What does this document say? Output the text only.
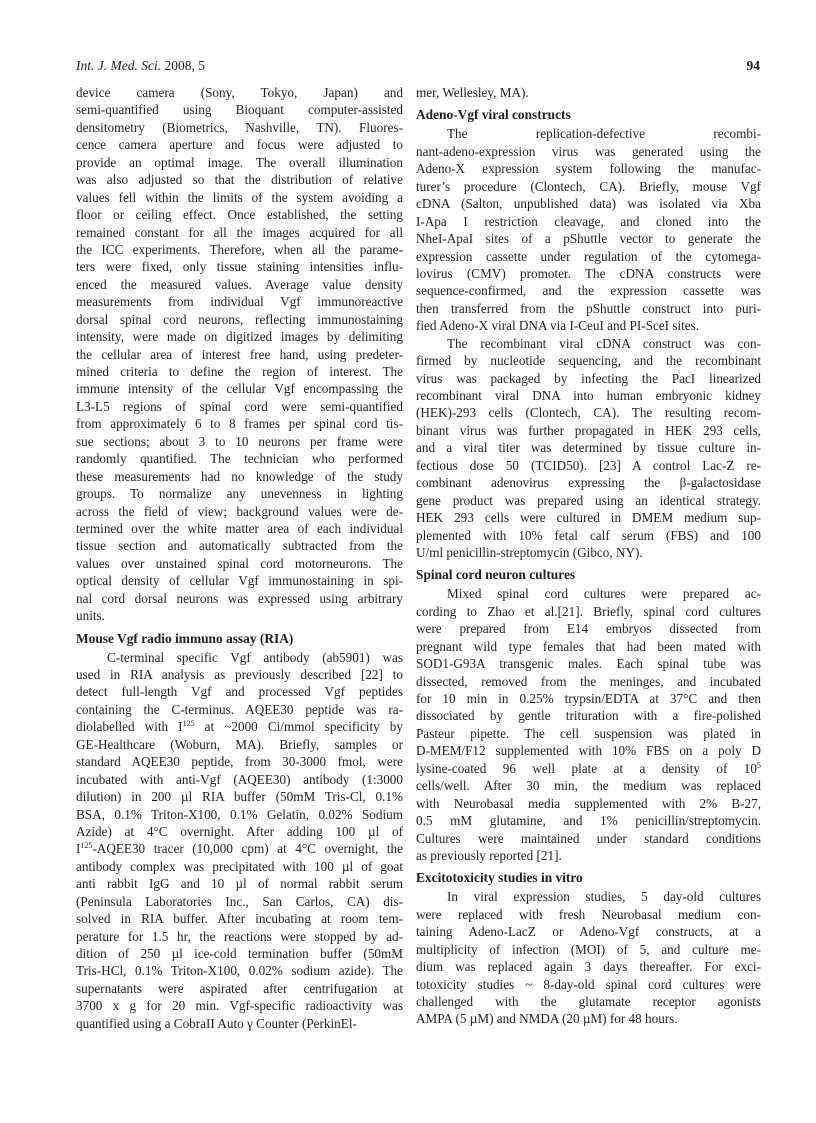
Int. J. Med. Sci. 2008, 5	94
device camera (Sony, Tokyo, Japan) and
semi-quantified using Bioquant computer-assisted
densitometry (Biometrics, Nashville, TN). Fluores-
cence camera aperture and focus were adjusted to
provide an optimal image. The overall illumination
was also adjusted so that the distribution of relative
values fell within the limits of the system avoiding a
floor or ceiling effect. Once established, the setting
remained constant for all the images acquired for all
the ICC experiments. Therefore, when all the parame-
ters were fixed, only tissue staining intensities influ-
enced the measured values. Average value density
measurements from individual Vgf immunoreactive
dorsal spinal cord neurons, reflecting immunostaining
intensity, were made on digitized images by delimiting
the cellular area of interest free hand, using predeter-
mined criteria to define the region of interest. The
immune intensity of the cellular Vgf encompassing the
L3-L5 regions of spinal cord were semi-quantified
from approximately 6 to 8 frames per spinal cord tis-
sue sections; about 3 to 10 neurons per frame were
randomly quantified. The technician who performed
these measurements had no knowledge of the study
groups. To normalize any unevenness in lighting
across the field of view; background values were de-
termined over the white matter area of each individual
tissue section and automatically subtracted from the
values over unstained spinal cord motorneurons. The
optical density of cellular Vgf immunostaining in spi-
nal cord dorsal neurons was expressed using arbitrary
units.
Mouse Vgf radio immuno assay (RIA)
C-terminal specific Vgf antibody (ab5901) was
used in RIA analysis as previously described [22] to
detect full-length Vgf and processed Vgf peptides
containing the C-terminus. AQEE30 peptide was ra-
diolabelled with $I^{125}$ at ~2000 Ci/mmol specificity by
GE-Healthcare (Woburn, MA). Briefly, samples or
standard AQEE30 peptide, from 30-3000 fmol, were
incubated with anti-Vgf (AQEE30) antibody (1:3000
dilution) in 200 µl RIA buffer (50mM Tris-Cl, 0.1%
BSA, 0.1% Triton-X100, 0.1% Gelatin, 0.02% Sodium
Azide) at 4°C overnight. After adding 100 µl of
$I^{125}-AQEE30$ tracer (10,000 cpm) at 4°C overnight, the
antibody complex was precipitated with 100 µl of goat
anti rabbit IgG and 10 µl of normal rabbit serum
(Peninsula Laboratories Inc., San Carlos, CA) dis-
solved in RIA buffer. After incubating at room tem-
perature for 1.5 hr, the reactions were stopped by ad-
dition of 250 µl ice-cold termination buffer (50mM
Tris-HCl, 0.1% Triton-X100, 0.02% sodium azide). The
supernatants were aspirated after centrifugation at
3700 x g for 20 min. Vgf-specific radioactivity was
quantified using a CobraII Auto γ Counter (PerkinEl-
mer, Wellesley, MA).
Adeno-Vgf viral constructs
The replication-defective recombi-
nant-adeno-expression virus was generated using the
Adeno-X expression system following the manufac-
turer’s procedure (Clontech, CA). Briefly, mouse Vgf
cDNA (Salton, unpublished data) was isolated via Xba
I-Apa I restriction cleavage, and cloned into the
NheI-ApaI sites of a pShuttle vector to generate the
expression cassette under regulation of the cytomega-
lovirus (CMV) promoter. The cDNA constructs were
sequence-confirmed, and the expression cassette was
then transferred from the pShuttle construct into puri-
fied Adeno-X viral DNA via I-CeuI and PI-SceI sites.
The recombinant viral cDNA construct was con-
firmed by nucleotide sequencing, and the recombinant
virus was packaged by infecting the PacI linearized
recombinant viral DNA into human embryonic kidney
(HEK)-293 cells (Clontech, CA). The resulting recom-
binant virus was further propagated in HEK 293 cells,
and a viral titer was determined by tissue culture in-
fectious dose 50 (TCID50). [23] A control Lac-Z re-
combinant adenovirus expressing the β-galactosidase
gene product was prepared using an identical strategy.
HEK 293 cells were cultured in DMEM medium sup-
plemented with 10% fetal calf serum (FBS) and 100
U/ml penicillin-streptomycin (Gibco, NY).
Spinal cord neuron cultures
Mixed spinal cord cultures were prepared ac-
cording to Zhao et al.[21]. Briefly, spinal cord cultures
were prepared from E14 embryos dissected from
pregnant wild type females that had been mated with
SOD1-G93A transgenic males. Each spinal tube was
dissected, removed from the meninges, and incubated
for 10 min in 0.25% trypsin/EDTA at 37°C and then
dissociated by gentle trituration with a fire-polished
Pasteur pipette. The cell suspension was plated in
D-MEM/F12 supplemented with 10% FBS on a poly D
lysine-coated 96 well plate at a density of $10^5$
cells/well. After 30 min, the medium was replaced
with Neurobasal media supplemented with 2% B-27,
0.5 mM glutamine, and 1% penicillin/streptomycin.
Cultures were maintained under standard conditions
as previously reported [21].
Excitotoxicity studies in vitro
In viral expression studies, 5 day-old cultures
were replaced with fresh Neurobasal medium con-
taining Adeno-LacZ or Adeno-Vgf constructs, at a
multiplicity of infection (MOI) of 5, and culture me-
dium was replaced again 3 days thereafter. For exci-
totoxicity studies ~ 8-day-old spinal cord cultures were
challenged with the glutamate receptor agonists
AMPA (5 µM) and NMDA (20 µM) for 48 hours.
